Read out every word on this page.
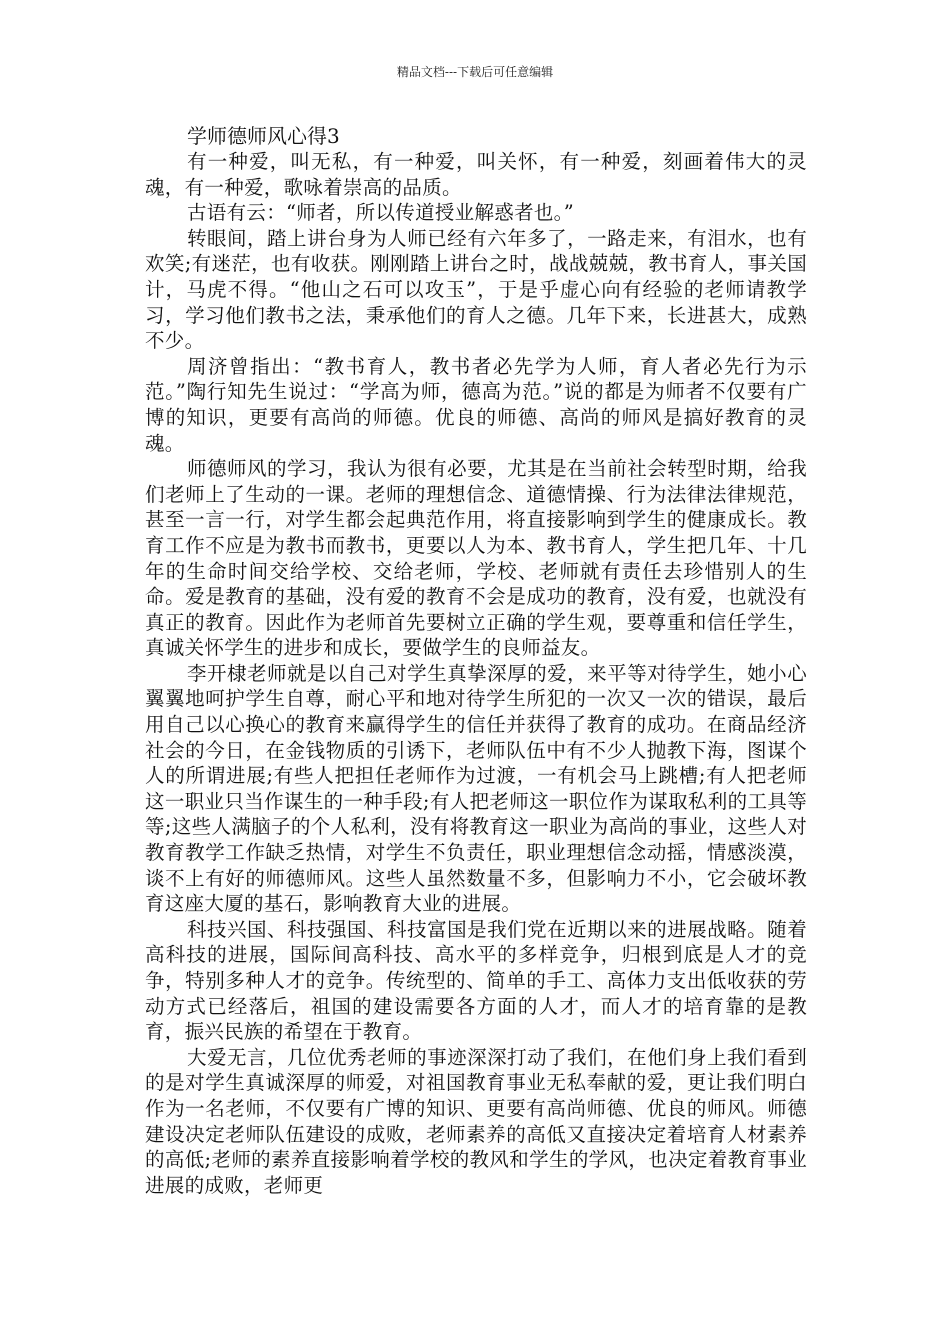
精品文档---下载后可任意编辑
学师德师风心得3

有一种爱，叫无私，有一种爱，叫关怀，有一种爱，刻画着伟大的灵魂，有一种爱，歌咏着崇高的品质。

古语有云：“师者，所以传道授业解惑者也。”

转眼间，踏上讲台身为人师已经有六年多了，一路走来，有泪水，也有欢笑;有迷茫，也有收获。刚刚踏上讲台之时，战战兢兢，教书育人，事关国计，马虎不得。“他山之石可以攻玉”，于是乎虚心向有经验的老师请教学习，学习他们教书之法，秉承他们的育人之德。几年下来，长进甚大，成熟不少。

周济曾指出：“教书育人，教书者必先学为人师，育人者必先行为示范。”陶行知先生说过：“学高为师，德高为范。”说的都是为师者不仅要有广博的知识，更要有高尚的师德。优良的师德、高尚的师风是搞好教育的灵魂。

师德师风的学习，我认为很有必要，尤其是在当前社会转型时期，给我们老师上了生动的一课。老师的理想信念、道德情操、行为法律法律规范，甚至一言一行，对学生都会起典范作用，将直接影响到学生的健康成长。教育工作不应是为教书而教书，更要以人为本、教书育人，学生把几年、十几年的生命时间交给学校、交给老师，学校、老师就有责任去珍惜别人的生命。爱是教育的基础，没有爱的教育不会是成功的教育，没有爱，也就没有真正的教育。因此作为老师首先要树立正确的学生观，要尊重和信任学生，真诚关怀学生的进步和成长，要做学生的良师益友。

李开棣老师就是以自己对学生真挚深厚的爱，来平等对待学生，她小心翼翼地呵护学生自尊，耐心平和地对待学生所犯的一次又一次的错误，最后用自己以心换心的教育来赢得学生的信任并获得了教育的成功。在商品经济社会的今日，在金钱物质的引诱下，老师队伍中有不少人抛教下海，图谋个人的所谓进展;有些人把担任老师作为过渡，一有机会马上跳槽;有人把老师这一职业只当作谋生的一种手段;有人把老师这一职位作为谋取私利的工具等等;这些人满脑子的个人私利，没有将教育这一职业为高尚的事业，这些人对教育教学工作缺乏热情，对学生不负责任，职业理想信念动摇，情感淡漠，谈不上有好的师德师风。这些人虽然数量不多，但影响力不小，它会破坏教育这座大厦的基石，影响教育大业的进展。

科技兴国、科技强国、科技富国是我们党在近期以来的进展战略。随着高科技的进展，国际间高科技、高水平的多样竞争，归根到底是人才的竞争，特别多种人才的竞争。传统型的、简单的手工、高体力支出低收获的劳动方式已经落后，祖国的建设需要各方面的人才，而人才的培育靠的是教育，振兴民族的希望在于教育。

大爱无言，几位优秀老师的事迹深深打动了我们，在他们身上我们看到的是对学生真诚深厚的师爱，对祖国教育事业无私奉献的爱，更让我们明白作为一名老师，不仅要有广博的知识、更要有高尚师德、优良的师风。师德建设决定老师队伍建设的成败，老师素养的高低又直接决定着培育人材素养的高低;老师的素养直接影响着学校的教风和学生的学风，也决定着教育事业进展的成败，老师更
